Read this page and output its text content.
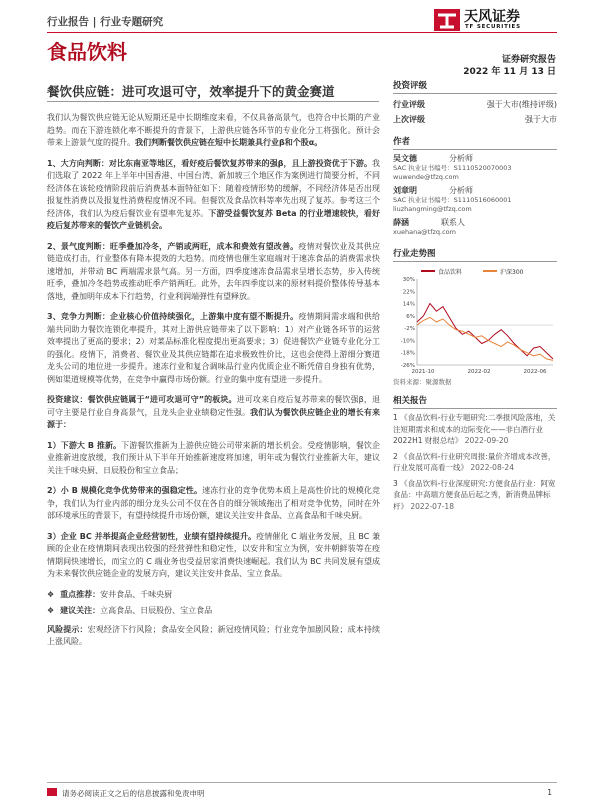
行业报告 | 行业专题研究	天风证券
TF SECURITIES
食品饮料	证券研究报告
2022 年 11 月 13 日
餐饮供应链：进可攻退可守，效率提升下的黄金赛道

我们认为餐饮供应链无论从短期还是中长期维度来看，不仅具备高景气，也符合中长期的产业趋势。而在下游连锁化率不断提升的背景下，上游供应链各环节的专业化分工将强化。预计会带来上游景气度的提升。我们判断餐饮供应链在短中长期兼具行业β和个股α。

1、大方向判断：对比东南亚等地区，看好疫后餐饮复苏带来的强β，且上游投资优于下游。我们选取了 2022 年上半年中国香港、中国台湾、新加坡三个地区作为案例进行简要分析，不同经济体在该轮疫情阶段前后消费基本面特征如下：随着疫情形势的缓解，不同经济体是否出现报复性消费以及报复性消费程度情况不同。但餐饮及食品饮料等率先出现了复苏。参考这三个经济体，我们认为疫后餐饮业有望率先复苏。下游受益餐饮复苏 Beta 的行业增速较快，看好疫后复苏带来的餐饮产业链机会。

2、景气度判断：旺季叠加冷冬，产销或两旺，成本和费效有望改善。疫情对餐饮业及其供应链造成打击，行业整体有降本提效的大趋势。而疫情也催生家庭端对于速冻食品的消费需求快速增加，并带动 BC 两端需求景气高。另一方面，四季度速冻食品需求呈增长态势，步入传统旺季，叠加冷冬趋势或推动旺季产销两旺。此外，去年四季度以来的原材料提价整体传导基本落地，叠加明年成本下行趋势，行业利润端弹性有望释放。

3、竞争力判断：企业核心价值持续强化，上游集中度有望不断提升。疫情期间需求端和供给端共同助力餐饮连锁化率提升，其对上游供应链带来了以下影响：1）对产业链各环节的运营效率提出了更高的要求；2）对菜品标准化程度提出更高要求；3）促进餐饮产业链专业化分工的强化。疫情下，消费者、餐饮业及其供应链都在追求极致性价比，这也会使得上游细分赛道龙头公司的地位进一步提升。速冻行业和复合调味品行业内优质企业不断凭借自身独有优势，例如渠道规模等优势，在竞争中赢得市场份额。行业的集中度有望进一步提升。

投资建议：餐饮供应链属于“进可攻退可守”的板块。进可攻来自疫后复苏带来的餐饮强β，退可守主要是行业自身高景气，且龙头企业业绩稳定性强。我们认为餐饮供应链企业的增长有来源于：

1）下游大 B 推新。下游餐饮推新为上游供应链公司带来新的增长机会。受疫情影响，餐饮企业推新进度放缓，我们预计从下半年开始推新速度将加速，明年或为餐饮行业推新大年，建议关注千味央厨、日辰股份和宝立食品；

2）小 B 规模化竞争优势带来的强稳定性。速冻行业的竞争优势本质上是高性价比的规模化竞争，我们认为行业内部的细分龙头公司不仅在各自的细分领域拖出了相对竞争优势，同时在外部环境承压的背景下，有望持续提升市场份额，建议关注安井食品、立高食品和千味央厨。

3）企业 BC 并举提高企业经营韧性，业绩有望持续提升。疫情催化 C 端业务发展，且 BC 兼顾的企业在疫情期间表现出较强的经营弹性和稳定性，以安井和宝立为例，安井朝鲜装等在疫情期间快速增长，而宝立的 C 端业务也受益居家消费快速崛起。我们认为 BC 共同发展有望成为未来餐饮供应链企业的发展方向，建议关注安井食品、宝立食品。

❖ 重点推荐：安井食品、千味央厨
❖ 建议关注：立高食品、日辰股份、宝立食品

风险提示：宏观经济下行风险；食品安全风险；新冠疫情风险；行业竞争加剧风险；成本持续上涨风险。

投资评级
行业评级	强于大市(维持评级)
上次评级	强于大市
作者
吴文德	分析师
SAC 执业证书编号：S1110520070003
wuwende@tfzq.com
刘章明	分析师
SAC 执业证书编号：S1110516060001
liuzhangming@tfzq.com
薛涵	联系人
xuehana@tfzq.com
行业走势图
食品饮料	沪深300
30%
22%
14%
6%
-2%
-10%
-18%
-26%
2021-10	2022-02	2022-06
资料来源：聚源数据
相关报告
1 《食品饮料-行业专题研究:二季报风险落地，关注短期需求和成本的边际变化——非白酒行业 2022H1 财报总结》 2022-09-20
2 《食品饮料-行业研究周报:量价齐增成本改善，行业发展可高看一线》 2022-08-24
3 《食品饮料-行业深度研究:方便食品行业：阿宽食品：中高端方便食品后起之秀，新消费品牌标杆》 2022-07-18
请务必阅读正文之后的信息披露和免责申明	1
